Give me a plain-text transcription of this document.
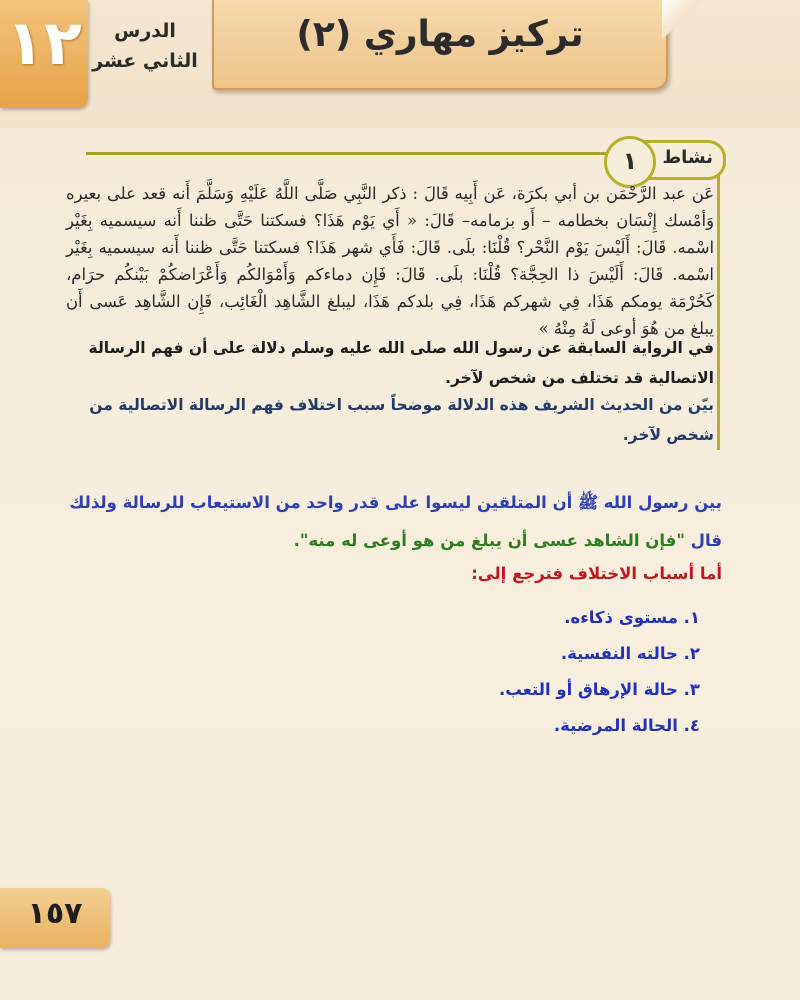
١٢	الدرس
الثاني عشر
تركيز مهاري (٢)
نشاط
١
عَن عبد الرَّحْمَن بن أبي بكرَة، عَن أَبِيه قَالَ : ذكر النَّبِي صَلَّى اللَّهُ عَلَيْهِ وَسَلَّمَ أَنه قعد على بعيره وَأمْسك إِنْسَان بخطامه – أَو بزمامه– قَالَ: « أَي يَوْم هَذَا؟ فسكتنا حَتَّى ظننا أَنه سيسميه بِغَيْر اسْمه. قَالَ: أَلَيْسَ يَوْم النَّحْر؟ قُلْنَا: بلَى. قَالَ: فَأَي شهر هَذَا؟ فسكتنا حَتَّى ظننا أَنه سيسميه بِغَيْر اسْمه. قَالَ: أَلَيْسَ ذا الحِجَّة؟ قُلْنَا: بلَى. قَالَ: فَإِن دماءكم وَأَمْوَالكُم وَأَعْرَاضكُمْ بَيْنكُم حرَام، كَحُرْمَة يومكم هَذَا، فِي شهركم هَذَا، فِي بلدكم هَذَا، ليبلغ الشَّاهِد الْغَائِب، فَإِن الشَّاهِد عَسى أَن يبلغ من هُوَ أوعى لَهُ مِنْهُ »
في الرواية السابقة عن رسول الله صلى الله عليه وسلم دلالة على أن فهم الرسالة الاتصالية قد تختلف من شخص لآخر.
بيّن من الحديث الشريف هذه الدلالة موضحاً سبب اختلاف فهم الرسالة الاتصالية من شخص لآخر.
بين رسول الله ﷺ أن المتلقين ليسوا على قدر واحد من الاستيعاب للرسالة ولذلك قال "فإن الشاهد عسى أن يبلغ من هو أوعى له منه".
أما أسباب الاختلاف فترجع إلى:
١. مستوى ذكاءه.
٢. حالته النفسية.
٣. حالة الإرهاق أو التعب.
٤. الحالة المرضية.
١٥٧
